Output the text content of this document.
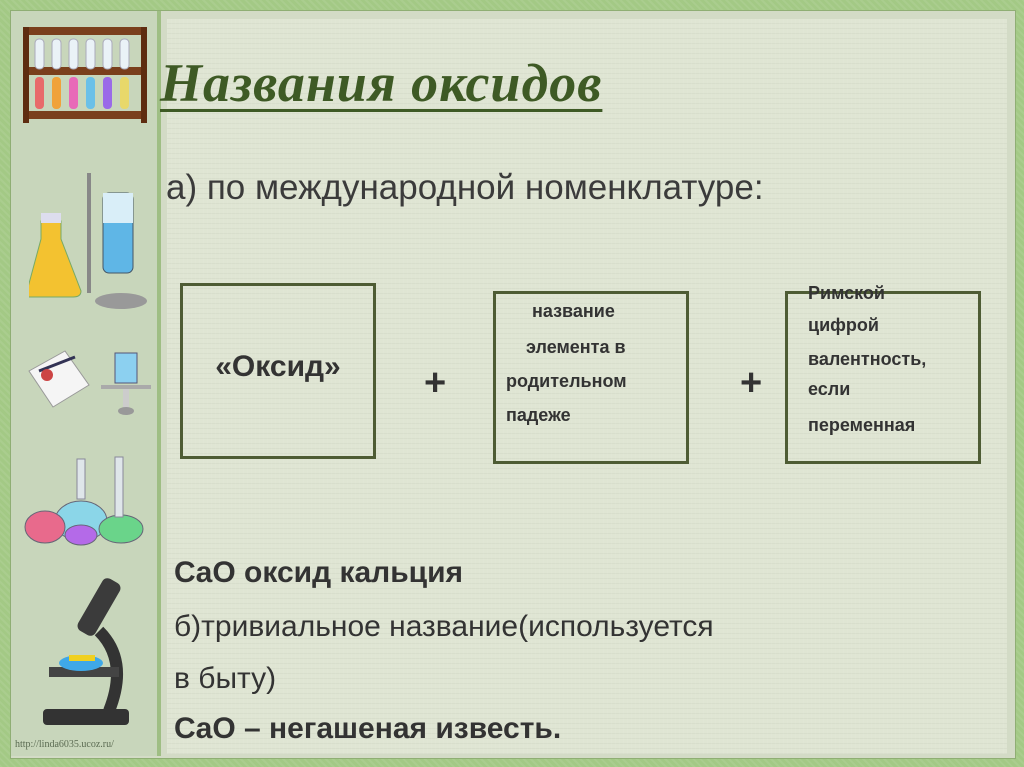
http://linda6035.ucoz.ru/
Названия оксидов
а) по международной номенклатуре:
«Оксид»	+
название
элемента в
родительном
падеже
+
Римской
цифрой
валентность,
если
переменная
CaO оксид кальция
б)тривиальное название(используется
в быту)
CaO – негашеная известь.
